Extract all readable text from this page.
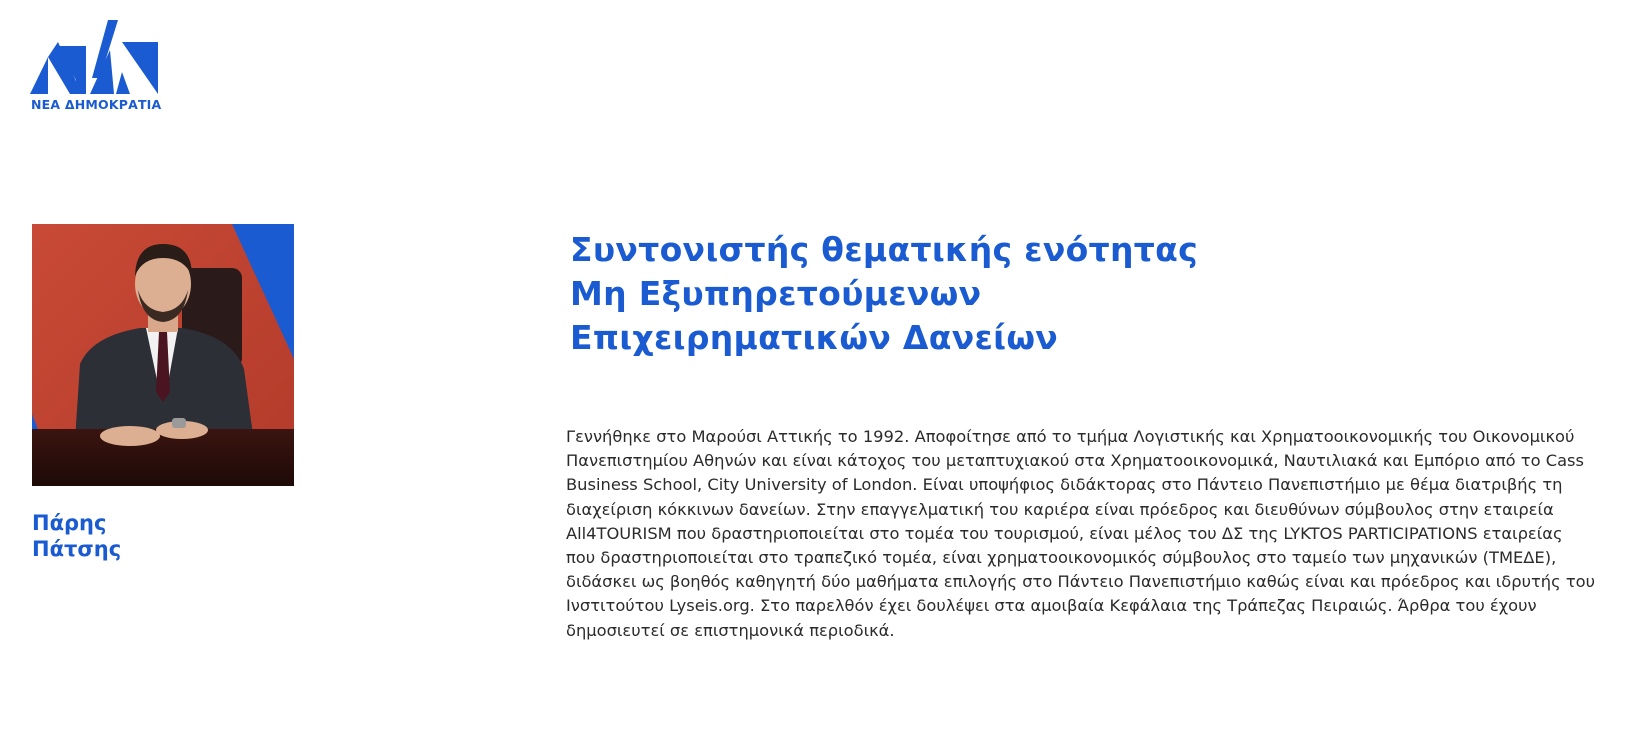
ΝΕΑ ΔΗΜΟΚΡΑΤΙΑ
Πάρης
Πάτσης
Συντονιστής θεματικής ενότητας
Μη Εξυπηρετούμενων
Επιχειρηματικών Δανείων

Γεννήθηκε στο Μαρούσι Αττικής το 1992. Αποφοίτησε από το τμήμα Λογιστικής και Χρηματοοικονομικής του Οικονομικού Πανεπιστημίου Αθηνών και είναι κάτοχος του μεταπτυχιακού στα Χρηματοοικονομικά, Ναυτιλιακά και Εμπόριο από το Cass Business School, City University of London. Είναι υποψήφιος διδάκτορας στο Πάντειο Πανεπιστήμιο με θέμα διατριβής τη διαχείριση κόκκινων δανείων. Στην επαγγελματική του καριέρα είναι πρόεδρος και διευθύνων σύμβουλος στην εταιρεία All4TOURISM που δραστηριοποιείται στο τομέα του τουρισμού, είναι μέλος του ΔΣ της LYKTOS PARTICIPATIONS εταιρείας που δραστηριοποιείται στο τραπεζικό τομέα, είναι χρηματοοικονομικός σύμβουλος στο ταμείο των μηχανικών (ΤΜΕΔΕ), διδάσκει ως βοηθός καθηγητή δύο μαθήματα επιλογής στο Πάντειο Πανεπιστήμιο καθώς είναι και πρόεδρος και ιδρυτής του Ινστιτούτου Lyseis.org. Στο παρελθόν έχει δουλέψει στα αμοιβαία Κεφάλαια της Τράπεζας Πειραιώς. Άρθρα του έχουν δημοσιευτεί σε επιστημονικά περιοδικά.
